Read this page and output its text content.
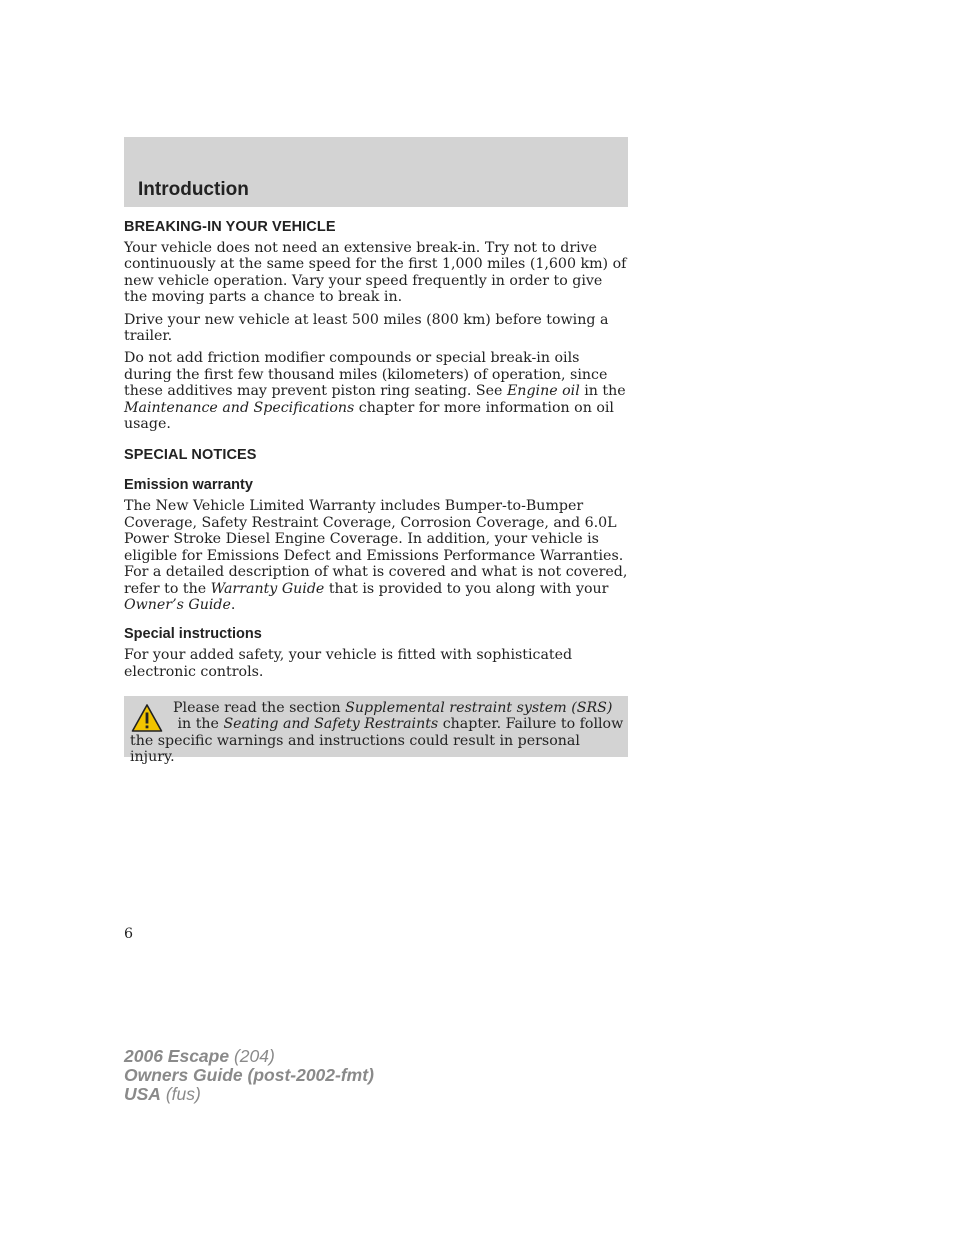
Introduction
BREAKING-IN YOUR VEHICLE

Your vehicle does not need an extensive break-in. Try not to drive continuously at the same speed for the first 1,000 miles (1,600 km) of new vehicle operation. Vary your speed frequently in order to give the moving parts a chance to break in.

Drive your new vehicle at least 500 miles (800 km) before towing a trailer.

Do not add friction modifier compounds or special break-in oils during the first few thousand miles (kilometers) of operation, since these additives may prevent piston ring seating. See Engine oil in the Maintenance and Specifications chapter for more information on oil usage.

SPECIAL NOTICES
Emission warranty

The New Vehicle Limited Warranty includes Bumper-to-Bumper Coverage, Safety Restraint Coverage, Corrosion Coverage, and 6.0L Power Stroke Diesel Engine Coverage. In addition, your vehicle is eligible for Emissions Defect and Emissions Performance Warranties. For a detailed description of what is covered and what is not covered, refer to the Warranty Guide that is provided to you along with your Owner’s Guide.

Special instructions

For your added safety, your vehicle is fitted with sophisticated electronic controls.

Please read the section Supplemental restraint system (SRS)
in the Seating and Safety Restraints chapter. Failure to follow the specific warnings and instructions could result in personal injury.
6
2006 Escape (204)
Owners Guide (post-2002-fmt)
USA (fus)
